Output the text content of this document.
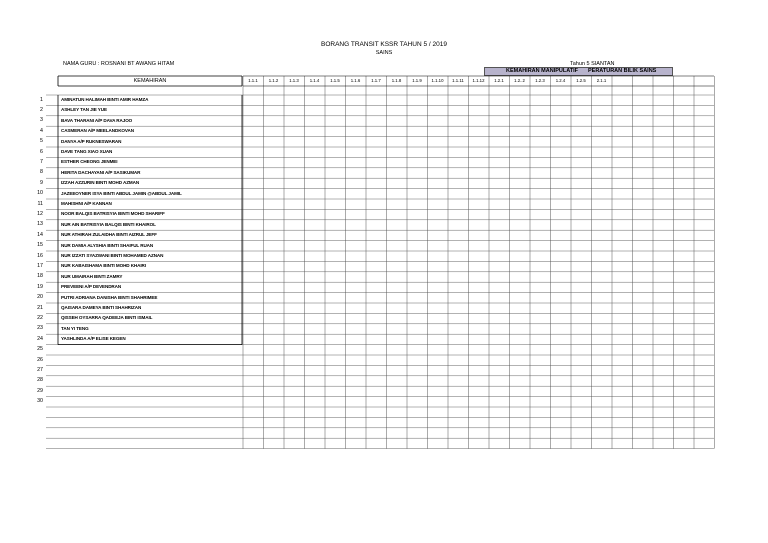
BORANG TRANSIT KSSR TAHUN 5 / 2019
SAINS
NAMA GURU : ROSNANI BT AWANG HITAM	Tahun 5 SIANTAN
KEMAHIRAN MANIPULATIF PERATURAN BILIK SAINS
KEMAHIRAN	1.1.1	1.1.2	1.1.3	1.1.4	1.1.5	1.1.6	1.1.7	1.1.8	1.1.9	1.1.10	1.1.11	1.1.12	1.2.1	1.2..2	1.2.3	1.2.4	1.2.5	2.1.1
1	AMINATUN HALIMAH BINTI AMIR HAMZA
2	ASHLEY TAN JIE YUE
3	BAVA THARANI A/P DAVA RAJOO
4	CASMERAN A/P MEELANDKOVAN
5	DANYA A/P RUKNESWARAN
6	DAVE TANG XIAO XUAN
7	ESTHER CHEONG JENMEI
8	HERITA DACHAYANI A/P SASIKUMAR
9	IZZAH AZZURIN BINTI MOHD AZMAN
10	JAZEEOYNER ISYA BINTI ABDUL JAMIN @ABDUL JAMIL
11	MAHISHNI A/P KANNAN
12	NOOR BALQIS BATRISYIA BINTI MOHD SHARIFF
13	NUR AIN BATRISYIA BALQIS BINTI KHAIROL
14	NUR ATHIRAH ZULAIDHA BINTI AIZRUL JEFF
15	NUR DAMIA ALYSHIA BINTI SHAIFUL RUAN
16	NUR IZZATI SYAZWANI BINTI MOHAMED AZNAN
17	NUR KABAISHAMA BINTI MOHD KHAIRI
18	NUR UMAIRAH BINTI ZAMRY
19	PREVEENI A/P DEVENDRAN
20	PUTRI ADRIANA DANISHA BINTI SHAHRIMEE
21	QAISARA DAMEYA BINTI SHAHRIZAN
22	QISSEH OYSARRA QADEEJA BINTI ISMAIL
23	TAN YI TENG
24	YASHLINDA A/P ELISE KEGEN
25
26
27
28
29
30
